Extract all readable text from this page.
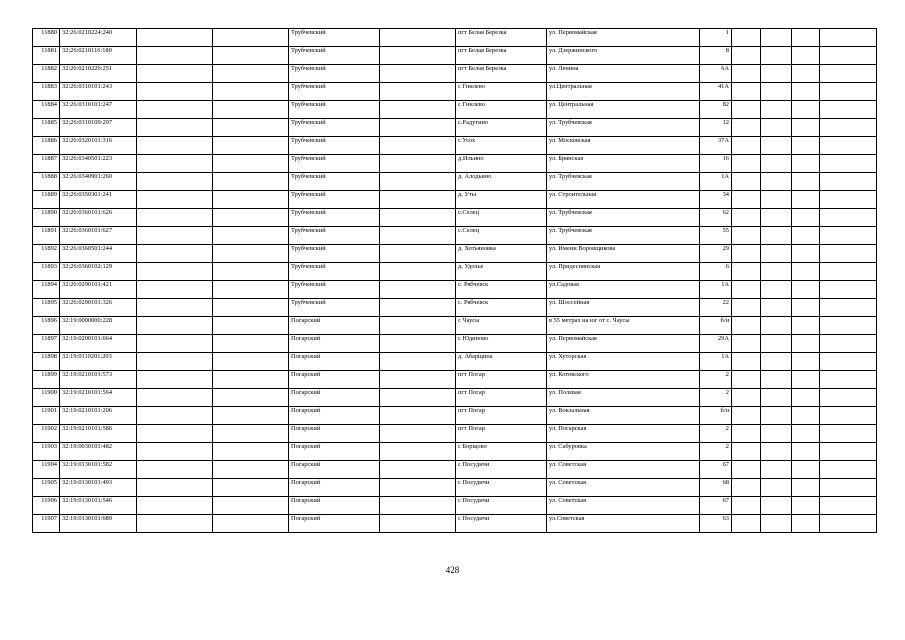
11880	32:26:0210224:240			Трубчевский		пгт Белая Березка	ул. Первомайская	1				
11881	32:26:0210116:180			Трубчевский		пгт Белая Березка	ул. Дзержинского	8				
11882	32:26:0210226:251			Трубчевский		пгт Белая Березка	ул. Ленина	6А				
11883	32:26:0310101:243			Трубчевский		с Гнилево	ул.Центральная	41А				
11884	32:26:0310101:247			Трубчевский		с Гнилево	ул. Центральная	82				
11885	32:26:0310109:297			Трубчевский		с.Радутино	ул. Трубчевская	12				
11886	32:26:0320101:316			Трубчевский		с Усох	ул. Московская	37А				
11887	32:26:0340501:223			Трубчевский		д.Ильино	ул. Брянская	16				
11888	32:26:0340901:260			Трубчевский		д. Алодьино	ул. Трубчевская	1А				
11889	32:26:0350301:241			Трубчевский		д. Уты	ул. Строительная	34				
11890	32:26:0360101:626			Трубчевский		с.Селец	ул. Трубчевская	62				
11891	32:26:0360101:627			Трубчевский		с.Селец	ул. Трубчевская	55				
11892	32:26:0360501:244			Трубчевский		д. Хотьяновка	ул. Имени Воровщикова	29				
11893	32:26:0360102:129			Трубчевский		д. Удолье	ул. Придеснянская	6				
11894	32:26:0290101:421			Трубчевский		с. Рябчевск	ул.Садовая	1А				
11895	32:26:0290101:326			Трубчевский		с. Рябчевск	ул. Шоссейная	22				
11896	32:19:0000000:228			Погарский		с Чаусы	в 55 метрах на юг от с. Чаусы	б/н				
11897	32:19:0200101:664			Погарский		с Юдиново	ул. Первомайская	29А				
11898	32:19:0110201:203			Погарский		д. Абарщина	ул. Хуторская	1А				
11899	32:19:0210101:573			Погарский		пгт Погар	ул. Котовского	2				
11900	32:19:0210101:564			Погарский		пгт Погар	ул. Полевая	2				
11901	32:19:0210101:206			Погарский		пгт Погар	ул. Вокзальная	б/н				
11902	32:19:0210101:586			Погарский		пгт Погар	ул. Погарская	2				
11903	32:19:0030101:482			Погарский		с Борщово	ул. Сабуровка	2				
11904	32:19:0130101:582			Погарский		с Посудичи	ул. Советская	67				
11905	32:19:0130101:493			Погарский		с Посудичи	ул. Советская	68				
11906	32:19:0130101:546			Погарский		с Посудичи	ул. Советская	67				
11907	32:19:0130101:689			Погарский		с Посудичи	ул.Советская	63				
428
